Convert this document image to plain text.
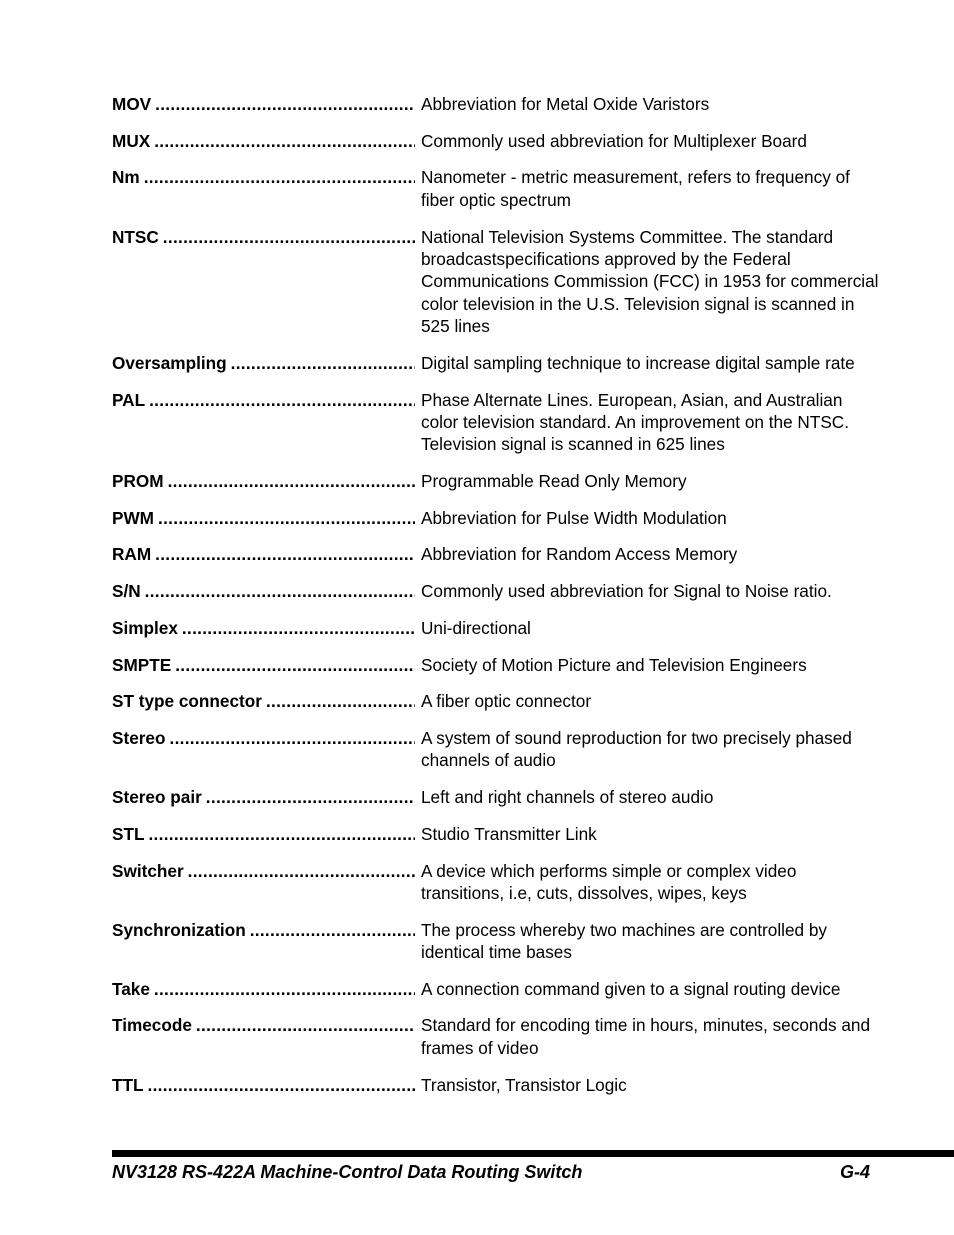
MOV .....	Abbreviation for Metal Oxide Varistors
MUX .....	Commonly used abbreviation for Multiplexer Board
Nm .....	Nanometer - metric measurement, refers to frequency of fiber optic spectrum
NTSC .....	National Television Systems Committee. The standard broadcastspecifications approved by the Federal Communications Commission (FCC) in 1953 for commercial color television in the U.S. Television signal is scanned in 525 lines
Oversampling .....	Digital sampling technique to increase digital sample rate
PAL .....	Phase Alternate Lines. European, Asian, and Australian color television standard. An improvement on the NTSC. Television signal is scanned in 625 lines
PROM .....	Programmable Read Only Memory
PWM .....	Abbreviation for Pulse Width Modulation
RAM .....	Abbreviation for Random Access Memory
S/N .....	Commonly used abbreviation for Signal to Noise ratio.
Simplex .....	Uni-directional
SMPTE .....	Society of Motion Picture and Television Engineers
ST type connector .....	A fiber optic connector
Stereo .....	A system of sound reproduction for two precisely phased channels of audio
Stereo pair .....	Left and right channels of stereo audio
STL .....	Studio Transmitter Link
Switcher .....	A device which performs simple or complex video transitions, i.e, cuts, dissolves, wipes, keys
Synchronization .....	The process whereby two machines are controlled by identical time bases
Take .....	A connection command given to a signal routing device
Timecode .....	Standard for encoding time in hours, minutes, seconds and frames of video
TTL .....	Transistor, Transistor Logic
NV3128 RS-422A Machine-Control Data Routing Switch	G-4
